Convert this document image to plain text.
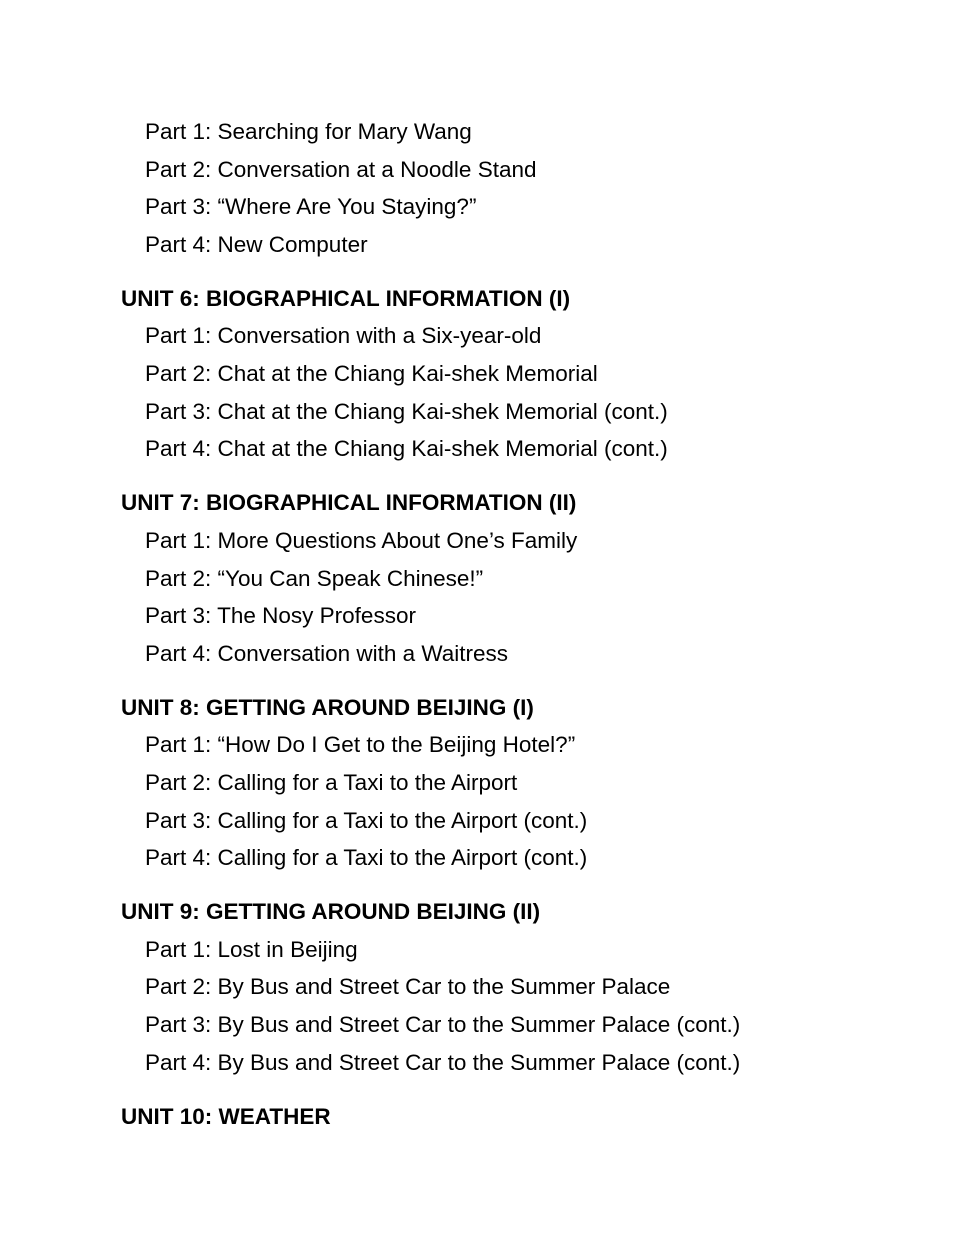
Part 1: Searching for Mary Wang
Part 2: Conversation at a Noodle Stand
Part 3: “Where Are You Staying?”
Part 4: New Computer
UNIT 6: BIOGRAPHICAL INFORMATION (I)
Part 1: Conversation with a Six-year-old
Part 2: Chat at the Chiang Kai-shek Memorial
Part 3: Chat at the Chiang Kai-shek Memorial (cont.)
Part 4: Chat at the Chiang Kai-shek Memorial (cont.)
UNIT 7: BIOGRAPHICAL INFORMATION (II)
Part 1: More Questions About One’s Family
Part 2: “You Can Speak Chinese!”
Part 3: The Nosy Professor
Part 4: Conversation with a Waitress
UNIT 8: GETTING AROUND BEIJING (I)
Part 1: “How Do I Get to the Beijing Hotel?”
Part 2: Calling for a Taxi to the Airport
Part 3: Calling for a Taxi to the Airport (cont.)
Part 4: Calling for a Taxi to the Airport (cont.)
UNIT 9: GETTING AROUND BEIJING (II)
Part 1: Lost in Beijing
Part 2: By Bus and Street Car to the Summer Palace
Part 3: By Bus and Street Car to the Summer Palace (cont.)
Part 4: By Bus and Street Car to the Summer Palace (cont.)
UNIT 10: WEATHER
